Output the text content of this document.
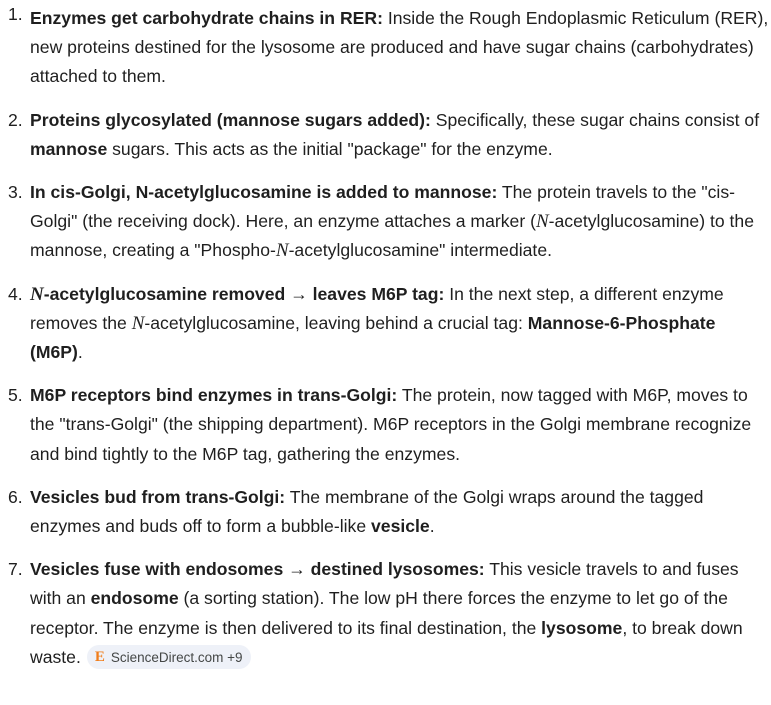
1. Enzymes get carbohydrate chains in RER: Inside the Rough Endoplasmic Reticulum (RER), new proteins destined for the lysosome are produced and have sugar chains (carbohydrates) attached to them.
2. Proteins glycosylated (mannose sugars added): Specifically, these sugar chains consist of mannose sugars. This acts as the initial "package" for the enzyme.
3. In cis-Golgi, N-acetylglucosamine is added to mannose: The protein travels to the "cis-Golgi" (the receiving dock). Here, an enzyme attaches a marker (N-acetylglucosamine) to the mannose, creating a "Phospho-N-acetylglucosamine" intermediate.
4. N-acetylglucosamine removed → leaves M6P tag: In the next step, a different enzyme removes the N-acetylglucosamine, leaving behind a crucial tag: Mannose-6-Phosphate (M6P).
5. M6P receptors bind enzymes in trans-Golgi: The protein, now tagged with M6P, moves to the "trans-Golgi" (the shipping department). M6P receptors in the Golgi membrane recognize and bind tightly to the M6P tag, gathering the enzymes.
6. Vesicles bud from trans-Golgi: The membrane of the Golgi wraps around the tagged enzymes and buds off to form a bubble-like vesicle.
7. Vesicles fuse with endosomes → destined lysosomes: This vesicle travels to and fuses with an endosome (a sorting station). The low pH there forces the enzyme to let go of the receptor. The enzyme is then delivered to its final destination, the lysosome, to break down waste. E ScienceDirect.com +9
